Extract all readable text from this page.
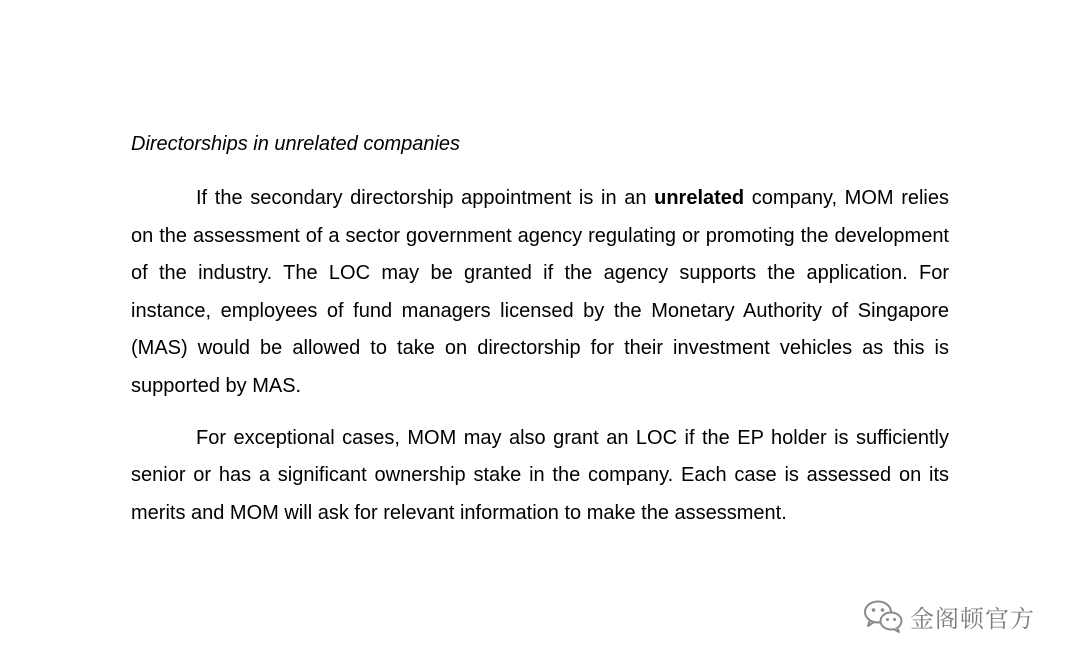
Directorships in unrelated companies

If the secondary directorship appointment is in an unrelated company, MOM relies on the assessment of a sector government agency regulating or promoting the development of the industry. The LOC may be granted if the agency supports the application. For instance, employees of fund managers licensed by the Monetary Authority of Singapore (MAS) would be allowed to take on directorship for their investment vehicles as this is supported by MAS.

For exceptional cases, MOM may also grant an LOC if the EP holder is sufficiently senior or has a significant ownership stake in the company. Each case is assessed on its merits and MOM will ask for relevant information to make the assessment.

金阁顿官方
